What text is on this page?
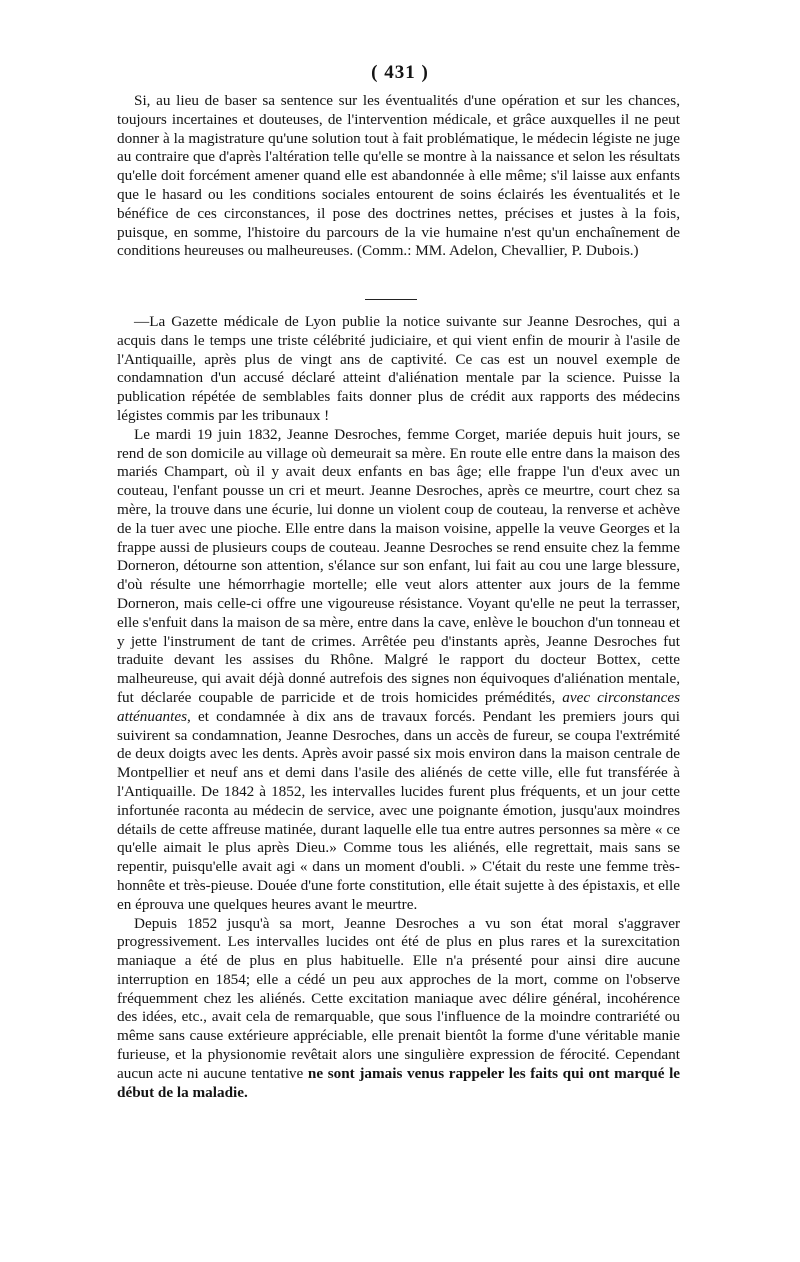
( 431 )

Si, au lieu de baser sa sentence sur les éventualités d'une opération et sur les chances, toujours incertaines et douteuses, de l'intervention médicale, et grâce auxquelles il ne peut donner à la magistrature qu'une solution tout à fait problématique, le médecin légiste ne juge au contraire que d'après l'altération telle qu'elle se montre à la naissance et selon les résultats qu'elle doit forcément amener quand elle est abandonnée à elle même; s'il laisse aux enfants que le hasard ou les conditions sociales entourent de soins éclairés les éventualités et le bénéfice de ces circonstances, il pose des doctrines nettes, précises et justes à la fois, puisque, en somme, l'histoire du parcours de la vie humaine n'est qu'un enchaînement de conditions heureuses ou malheureuses. (Comm.: MM. Adelon, Chevallier, P. Dubois.)

—La Gazette médicale de Lyon publie la notice suivante sur Jeanne Desroches, qui a acquis dans le temps une triste célébrité judiciaire, et qui vient enfin de mourir à l'asile de l'Antiquaille, après plus de vingt ans de captivité. Ce cas est un nouvel exemple de condamnation d'un accusé déclaré atteint d'aliénation mentale par la science. Puisse la publication répétée de semblables faits donner plus de crédit aux rapports des médecins légistes commis par les tribunaux !

Le mardi 19 juin 1832, Jeanne Desroches, femme Corget, mariée depuis huit jours, se rend de son domicile au village où demeurait sa mère. En route elle entre dans la maison des mariés Champart, où il y avait deux enfants en bas âge; elle frappe l'un d'eux avec un couteau, l'enfant pousse un cri et meurt. Jeanne Desroches, après ce meurtre, court chez sa mère, la trouve dans une écurie, lui donne un violent coup de couteau, la renverse et achève de la tuer avec une pioche. Elle entre dans la maison voisine, appelle la veuve Georges et la frappe aussi de plusieurs coups de couteau. Jeanne Desroches se rend ensuite chez la femme Dorneron, détourne son attention, s'élance sur son enfant, lui fait au cou une large blessure, d'où résulte une hémorrhagie mortelle; elle veut alors attenter aux jours de la femme Dorneron, mais celle-ci offre une vigoureuse résistance. Voyant qu'elle ne peut la terrasser, elle s'enfuit dans la maison de sa mère, entre dans la cave, enlève le bouchon d'un tonneau et y jette l'instrument de tant de crimes. Arrêtée peu d'instants après, Jeanne Desroches fut traduite devant les assises du Rhône. Malgré le rapport du docteur Bottex, cette malheureuse, qui avait déjà donné autrefois des signes non équivoques d'aliénation mentale, fut déclarée coupable de parricide et de trois homicides prémédités, avec circonstances atténuantes, et condamnée à dix ans de travaux forcés. Pendant les premiers jours qui suivirent sa condamnation, Jeanne Desroches, dans un accès de fureur, se coupa l'extrémité de deux doigts avec les dents. Après avoir passé six mois environ dans la maison centrale de Montpellier et neuf ans et demi dans l'asile des aliénés de cette ville, elle fut transférée à l'Antiquaille. De 1842 à 1852, les intervalles lucides furent plus fréquents, et un jour cette infortunée raconta au médecin de service, avec une poignante émotion, jusqu'aux moindres détails de cette affreuse matinée, durant laquelle elle tua entre autres personnes sa mère « ce qu'elle aimait le plus après Dieu.» Comme tous les aliénés, elle regrettait, mais sans se repentir, puisqu'elle avait agi « dans un moment d'oubli. » C'était du reste une femme très-honnête et très-pieuse. Douée d'une forte constitution, elle était sujette à des épistaxis, et elle en éprouva une quelques heures avant le meurtre.

Depuis 1852 jusqu'à sa mort, Jeanne Desroches a vu son état moral s'aggraver progressivement. Les intervalles lucides ont été de plus en plus rares et la surexcitation maniaque a été de plus en plus habituelle. Elle n'a présenté pour ainsi dire aucune interruption en 1854; elle a cédé un peu aux approches de la mort, comme on l'observe fréquemment chez les aliénés. Cette excitation maniaque avec délire général, incohérence des idées, etc., avait cela de remarquable, que sous l'influence de la moindre contrariété ou même sans cause extérieure appréciable, elle prenait bientôt la forme d'une véritable manie furieuse, et la physionomie revêtait alors une singulière expression de férocité. Cependant aucun acte ni aucune tentative ne sont jamais venus rappeler les faits qui ont marqué le début de la maladie.
